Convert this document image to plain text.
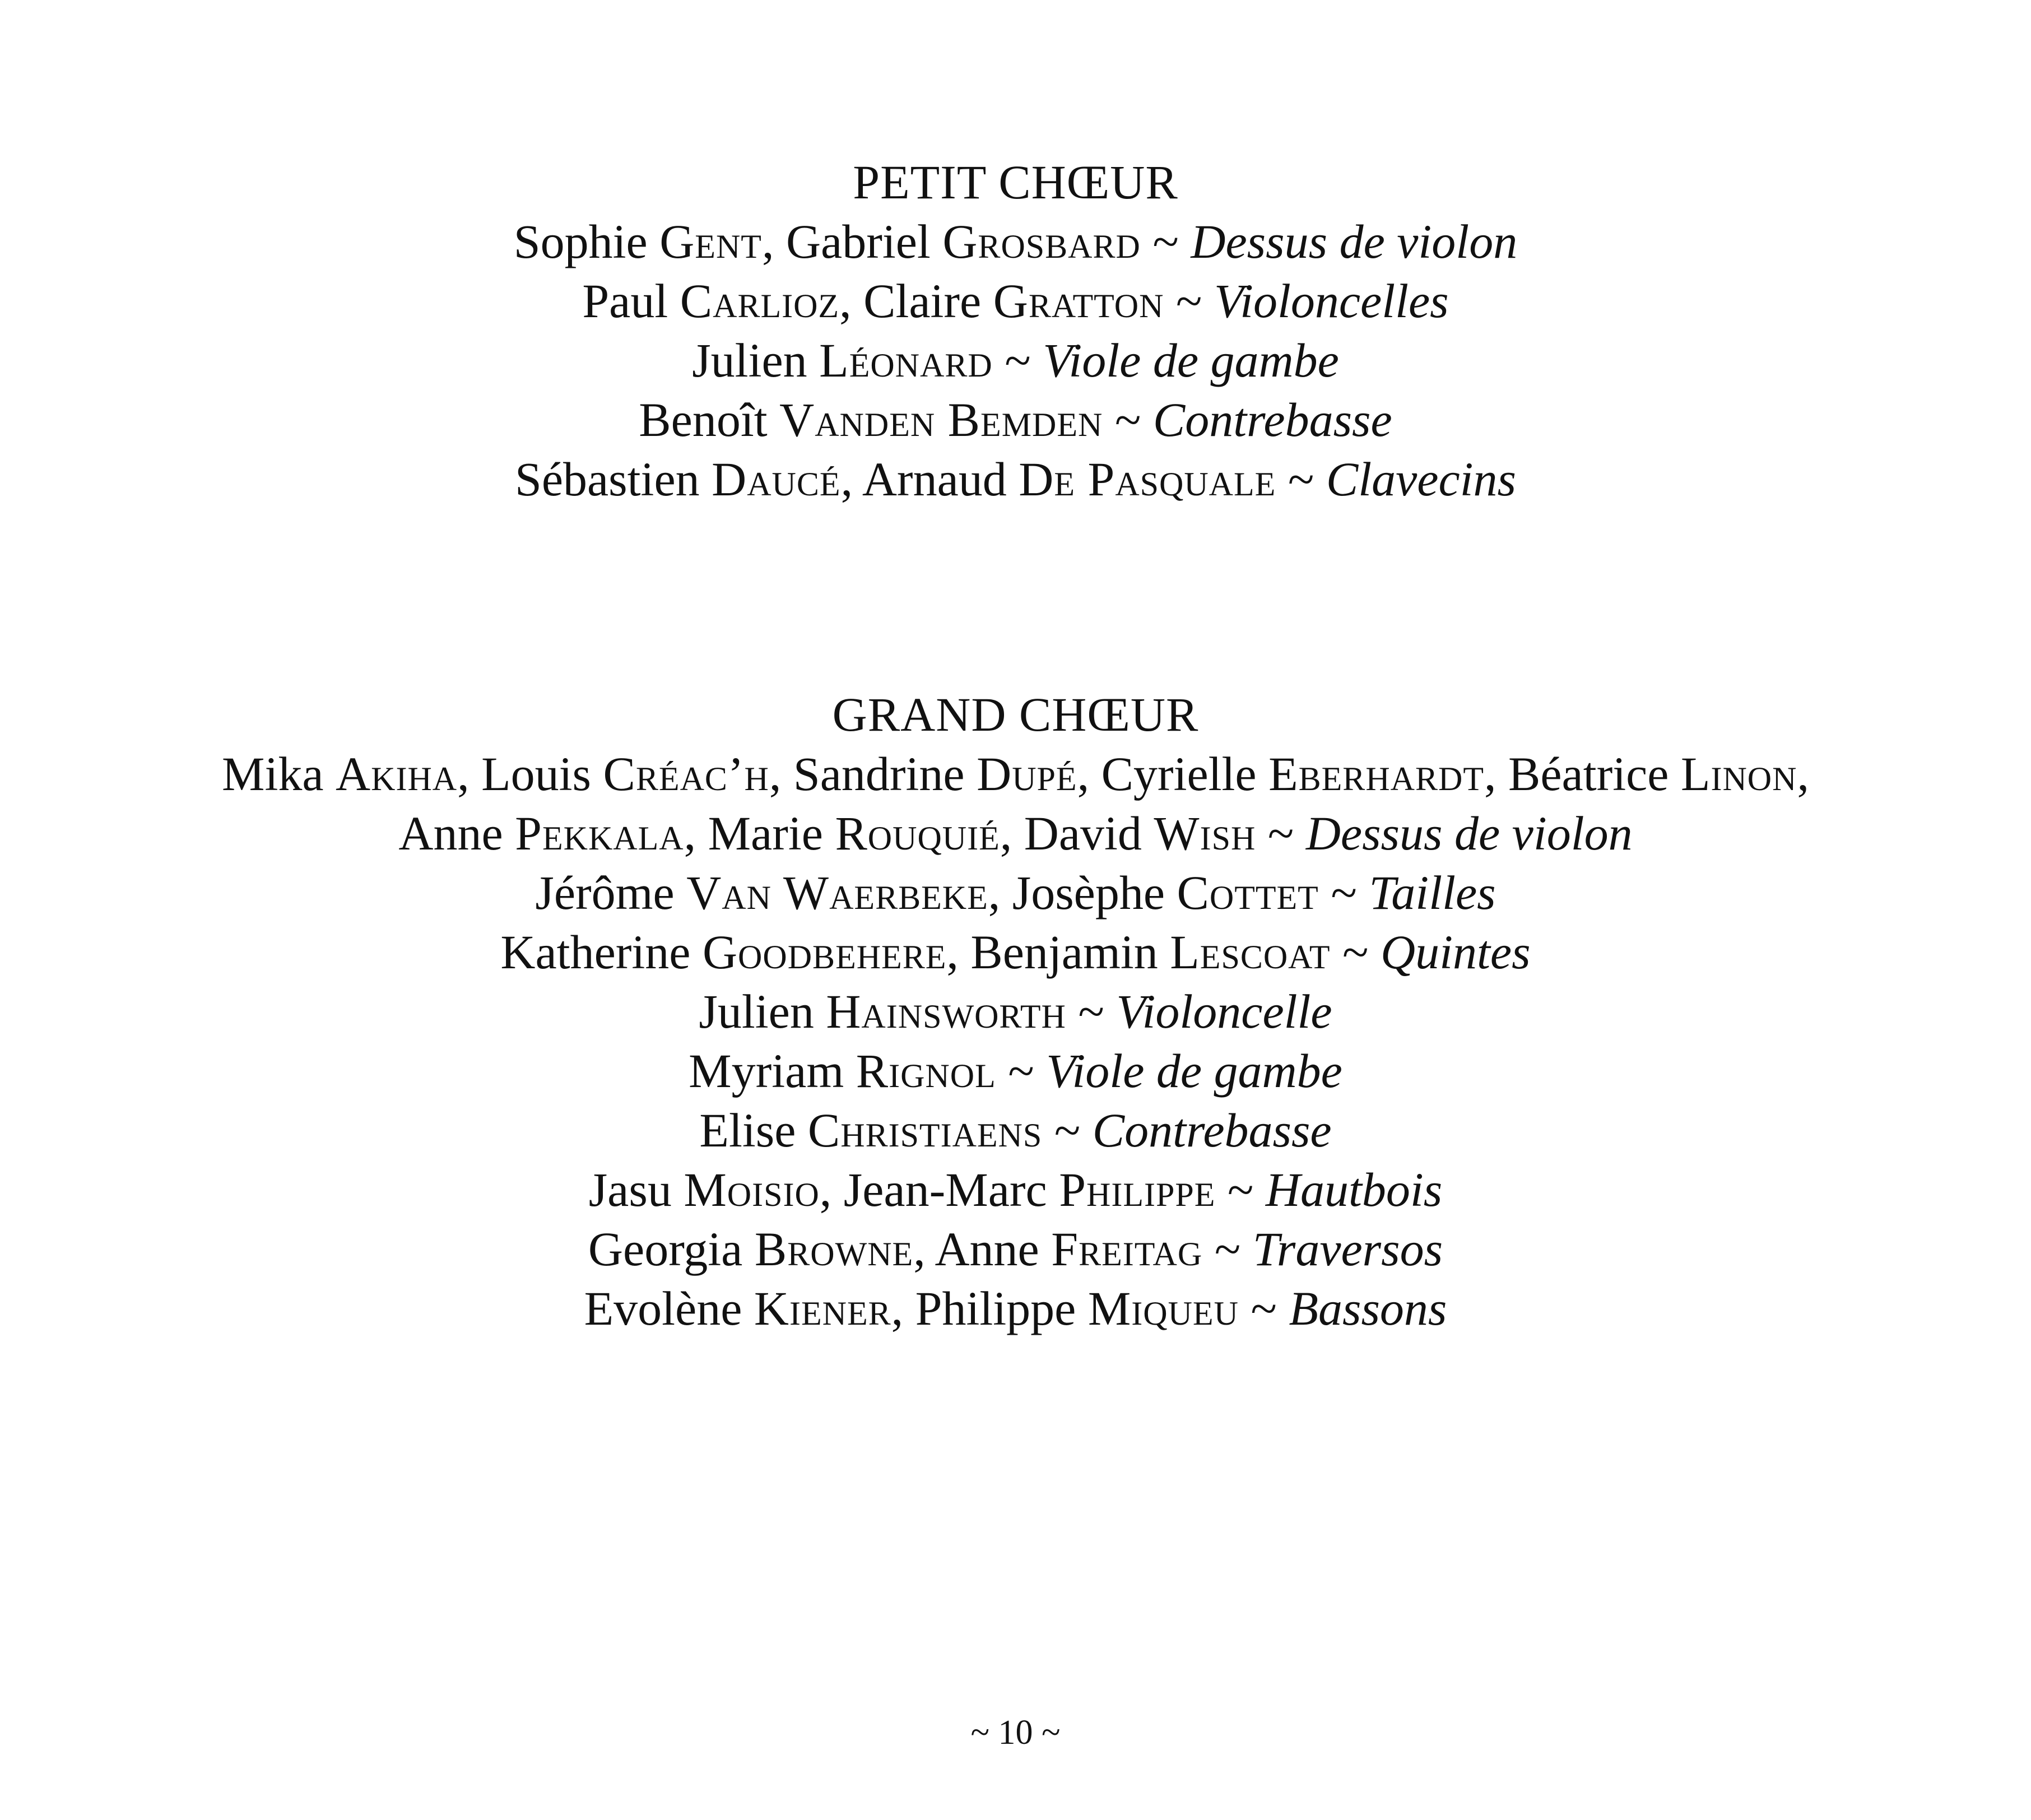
PETIT CHŒUR
Sophie Gent, Gabriel Grosbard ~ Dessus de violon
Paul Carlioz, Claire Gratton ~ Violoncelles
Julien Léonard ~ Viole de gambe
Benoît Vanden Bemden ~ Contrebasse
Sébastien Daucé, Arnaud De Pasquale ~ Clavecins
GRAND CHŒUR
Mika Akiha, Louis Créac’h, Sandrine Dupé, Cyrielle Eberhardt, Béatrice Linon,
Anne Pekkala, Marie Rouquié, David Wish ~ Dessus de violon
Jérôme Van Waerbeke, Josèphe Cottet ~ Tailles
Katherine Goodbehere, Benjamin Lescoat ~ Quintes
Julien Hainsworth ~ Violoncelle
Myriam Rignol ~ Viole de gambe
Elise Christiaens ~ Contrebasse
Jasu Moisio, Jean-Marc Philippe ~ Hautbois
Georgia Browne, Anne Freitag ~ Traversos
Evolène Kiener, Philippe Miqueu ~ Bassons
~ 10 ~
